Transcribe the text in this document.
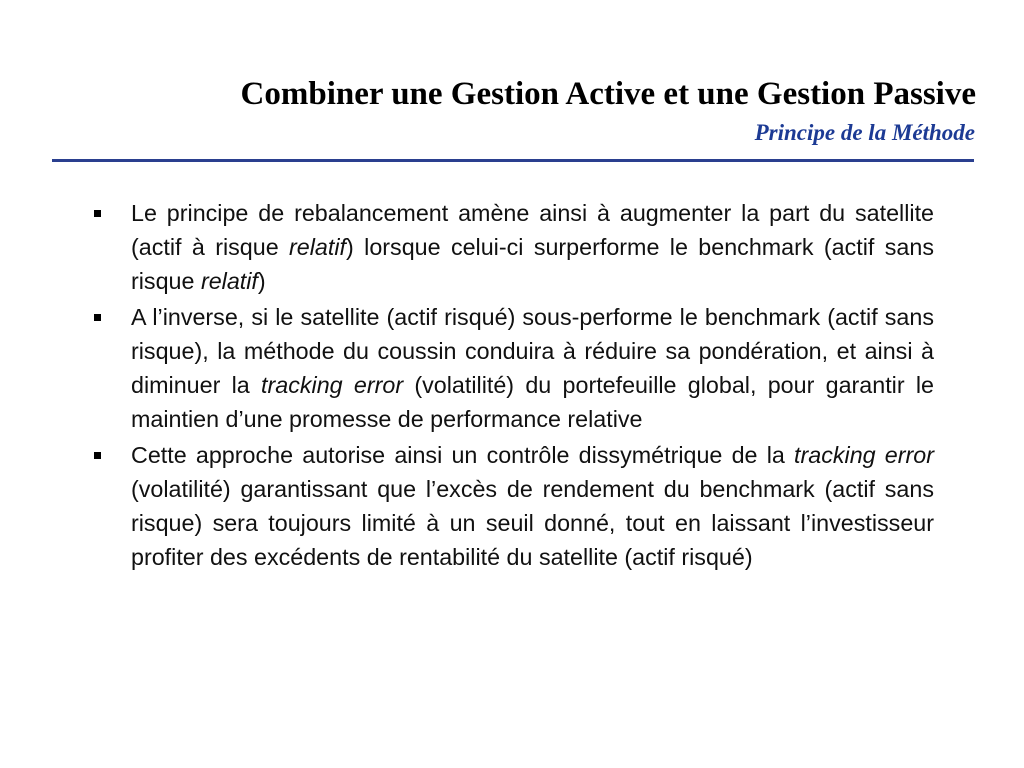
Combiner une Gestion Active et une Gestion Passive
Principe de la Méthode
Le principe de rebalancement amène ainsi à augmenter la part du satellite (actif à risque relatif) lorsque celui-ci surperforme le benchmark (actif sans risque relatif)
A l’inverse, si le satellite (actif risqué) sous-performe le benchmark (actif sans risque), la méthode du coussin conduira à réduire sa pondération, et ainsi à diminuer la tracking error (volatilité) du portefeuille global, pour garantir le maintien d’une promesse de performance relative
Cette approche autorise ainsi un contrôle dissymétrique de la tracking error (volatilité) garantissant que l’excès de rendement du benchmark (actif sans risque) sera toujours limité à un seuil donné, tout en laissant l’investisseur profiter des excédents de rentabilité du satellite (actif risqué)
